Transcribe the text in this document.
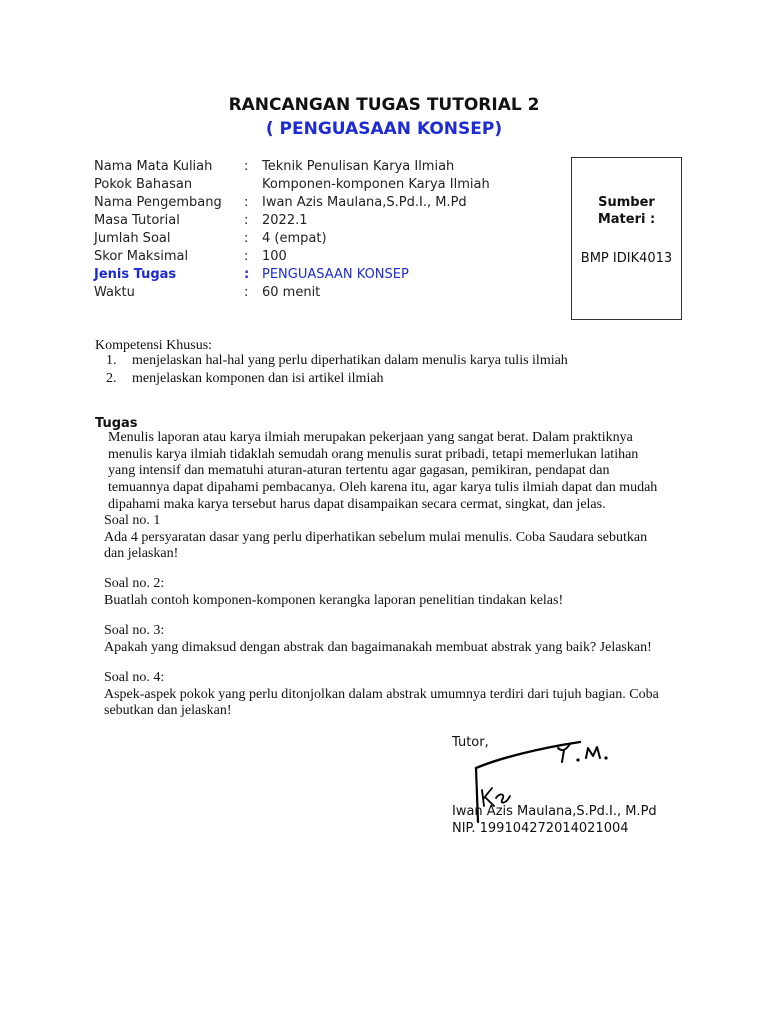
RANCANGAN TUGAS TUTORIAL 2
( PENGUASAAN KONSEP)
Nama Mata Kuliah : Teknik Penulisan Karya Ilmiah
Pokok Bahasan	Komponen-komponen Karya Ilmiah
Nama Pengembang : Iwan Azis Maulana,S.Pd.I., M.Pd
Masa Tutorial	: 2022.1
Jumlah Soal	: 4 (empat)
Skor Maksimal	: 100
Jenis Tugas	: PENGUASAAN KONSEP
Waktu	: 60 menit
Sumber
Materi :
BMP IDIK4013
Kompetensi Khusus:
1. menjelaskan hal-hal yang perlu diperhatikan dalam menulis karya tulis ilmiah
2. menjelaskan komponen dan isi artikel ilmiah
Tugas
Menulis laporan atau karya ilmiah merupakan pekerjaan yang sangat berat. Dalam praktiknya menulis karya ilmiah tidaklah semudah orang menulis surat pribadi, tetapi memerlukan latihan yang intensif dan mematuhi aturan-aturan tertentu agar gagasan, pemikiran, pendapat dan temuannya dapat dipahami pembacanya. Oleh karena itu, agar karya tulis ilmiah dapat dan mudah dipahami maka karya tersebut harus dapat disampaikan secara cermat, singkat, dan jelas.

Soal no. 1

Ada 4 persyaratan dasar yang perlu diperhatikan sebelum mulai menulis. Coba Saudara sebutkan dan jelaskan!

Soal no. 2:

Buatlah contoh komponen-komponen kerangka laporan penelitian tindakan kelas!

Soal no. 3:

Apakah yang dimaksud dengan abstrak dan bagaimanakah membuat abstrak yang baik? Jelaskan!

Soal no. 4:

Aspek-aspek pokok yang perlu ditonjolkan dalam abstrak umumnya terdiri dari tujuh bagian. Coba sebutkan dan jelaskan!

Tutor,
Iwan Azis Maulana,S.Pd.I., M.Pd
NIP. 199104272014021004
